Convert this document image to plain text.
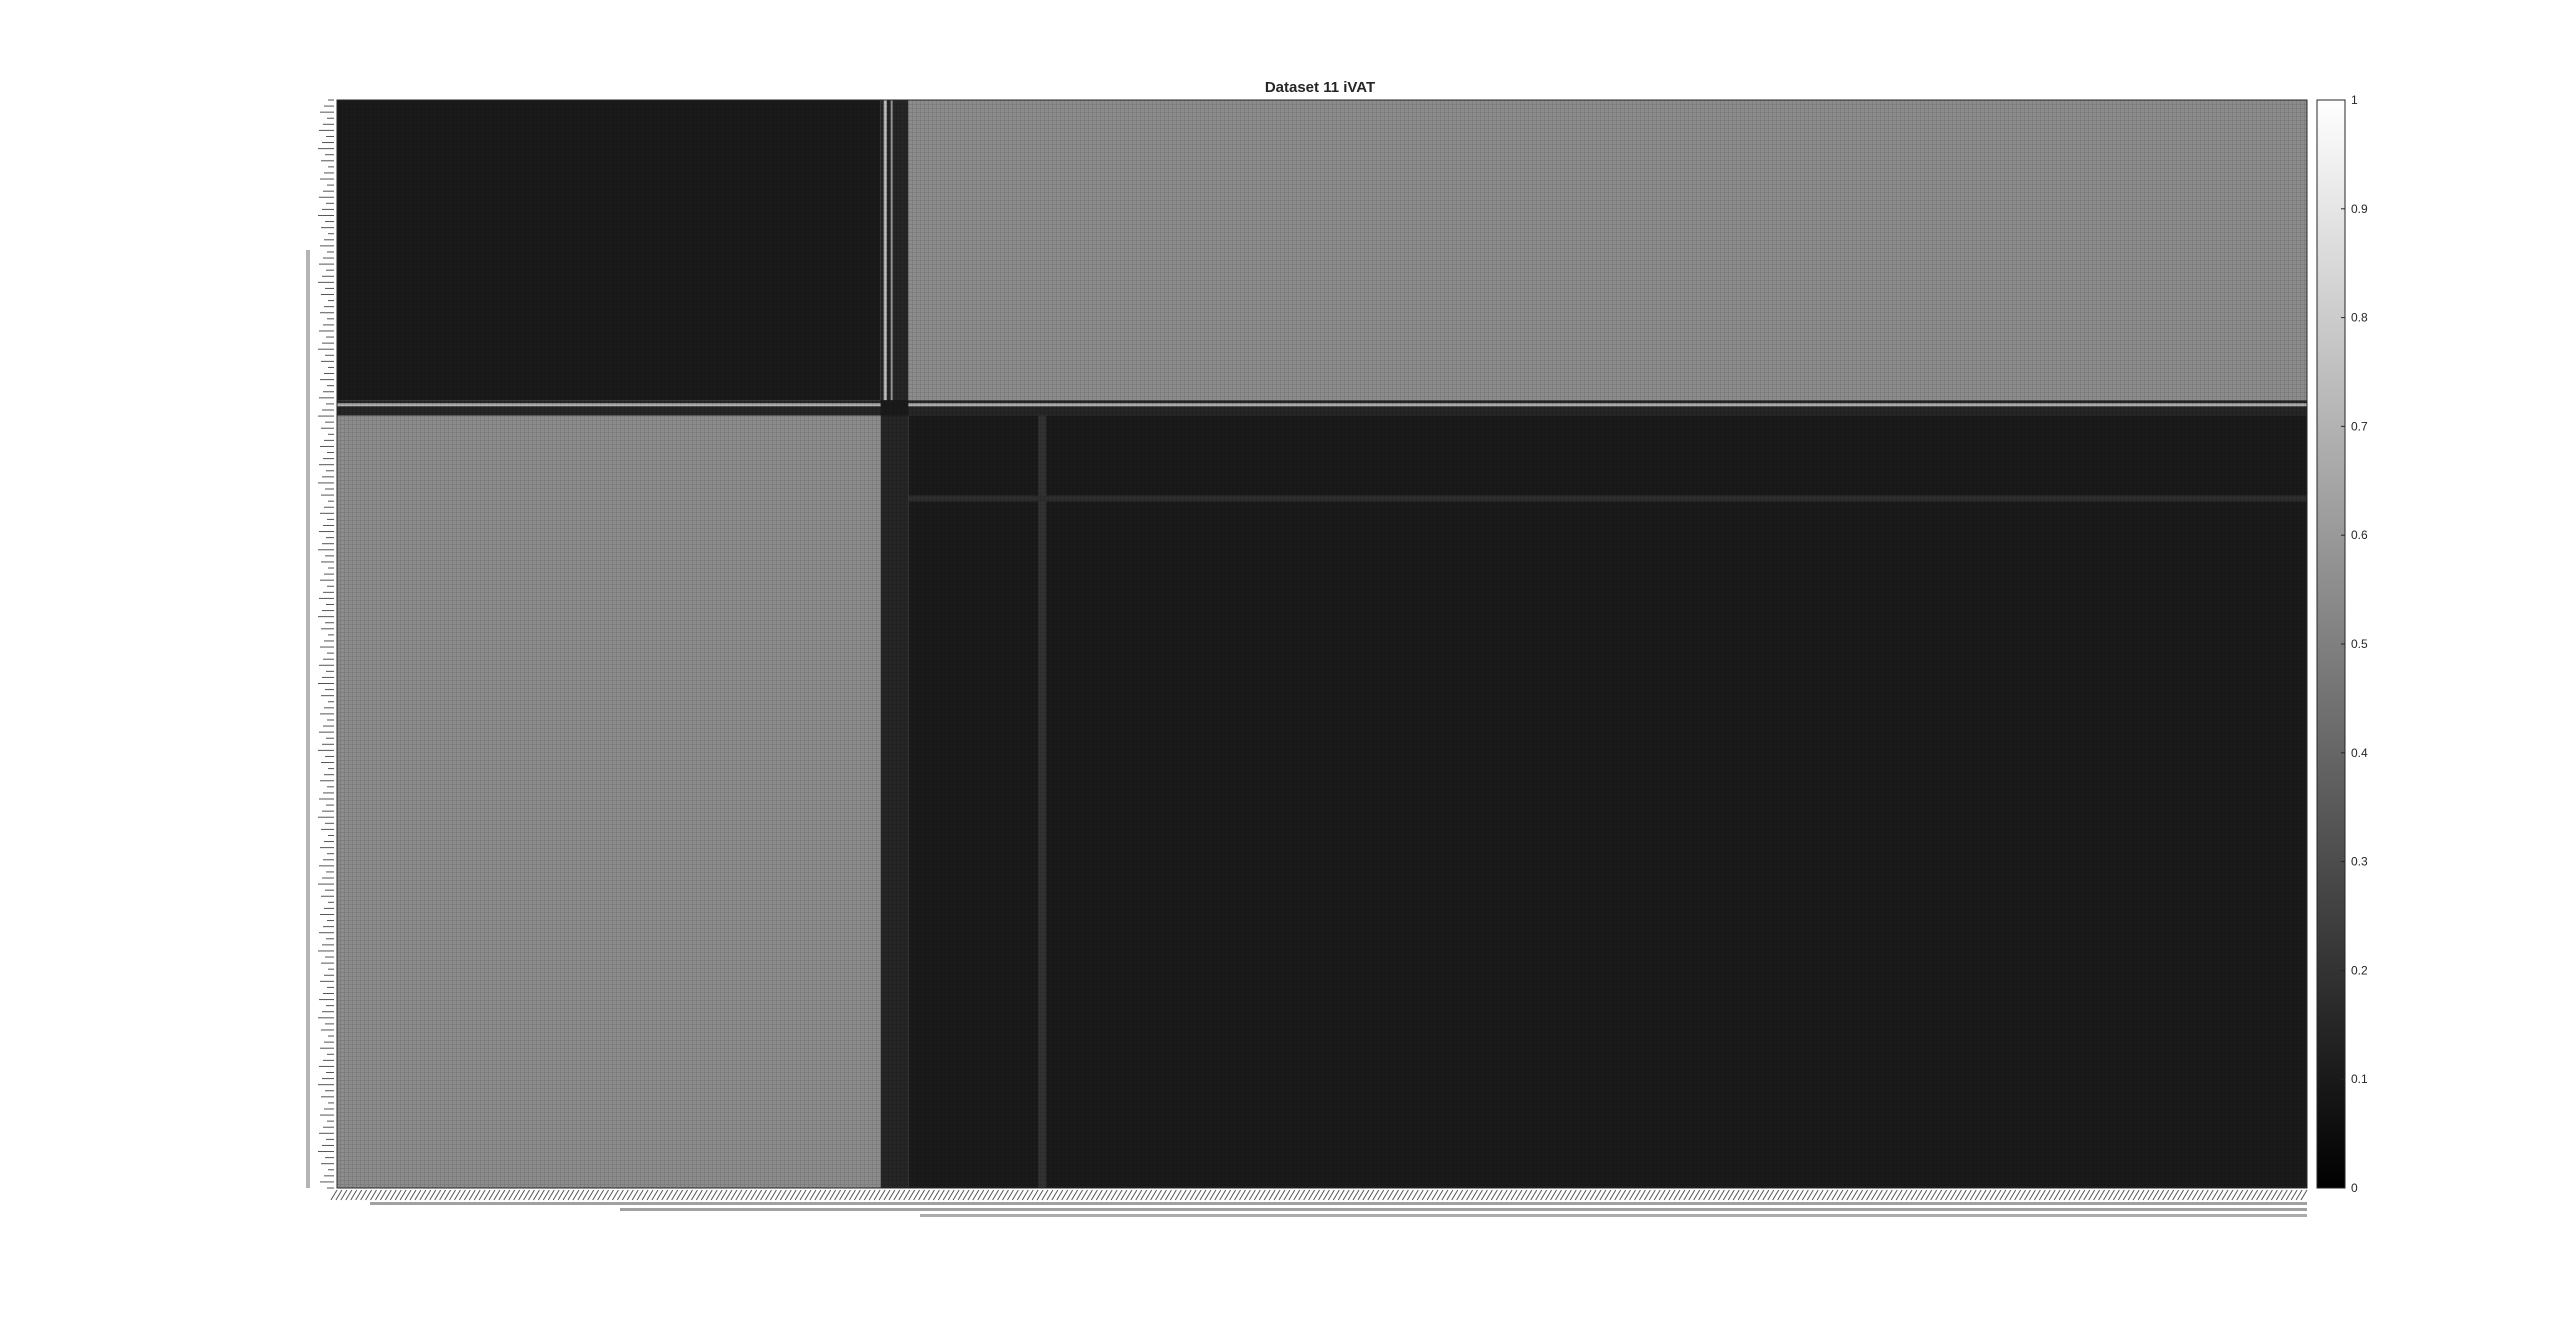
Dataset 11 iVAT
0
0.1
0.2
0.3
0.4
0.5
0.6
0.7
0.8
0.9
1
